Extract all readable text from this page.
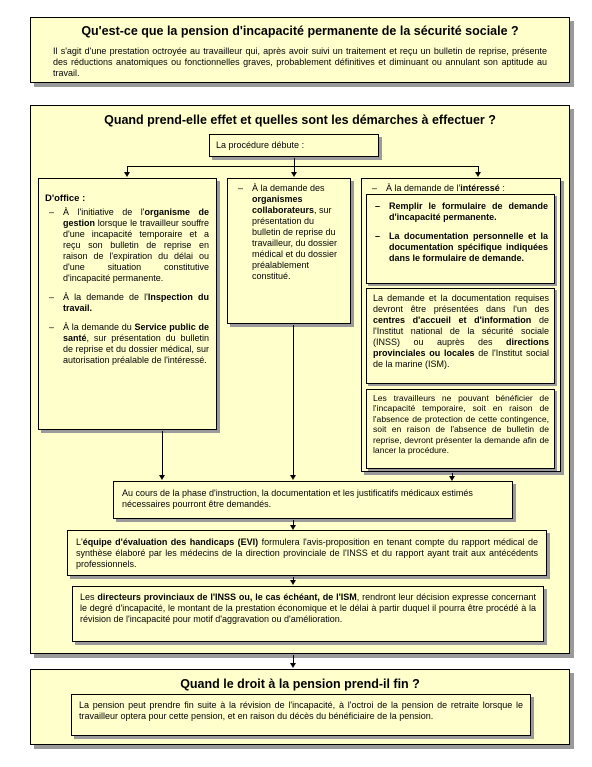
Qu'est-ce que la pension d'incapacité permanente de la sécurité sociale ?
Il s'agit d'une prestation octroyée au travailleur qui, après avoir suivi un traitement et reçu un bulletin de reprise, présente des réductions anatomiques ou fonctionnelles graves, probablement définitives et diminuant ou annulant son aptitude au travail.
Quand prend-elle effet et quelles sont les démarches à effectuer ?
La procédure débute :
D'office :
– À l'initiative de l'organisme de gestion lorsque le travailleur souffre d'une incapacité temporaire et a reçu son bulletin de reprise en raison de l'expiration du délai ou d'une situation constitutive d'incapacité permanente.
– À la demande de l'Inspection du travail.
– À la demande du Service public de santé, sur présentation du bulletin de reprise et du dossier médical, sur autorisation préalable de l'intéressé.
– À la demande des organismes collaborateurs, sur présentation du bulletin de reprise du travailleur, du dossier médical et du dossier préalablement constitué.
– À la demande de l'intéressé :
– Remplir le formulaire de demande d'incapacité permanente.
– La documentation personnelle et la documentation spécifique indiquées dans le formulaire de demande.
La demande et la documentation requises devront être présentées dans l'un des centres d'accueil et d'information de l'Institut national de la sécurité sociale (INSS) ou auprès des directions provinciales ou locales de l'Institut social de la marine (ISM).
Les travailleurs ne pouvant bénéficier de l'incapacité temporaire, soit en raison de l'absence de protection de cette contingence, soit en raison de l'absence de bulletin de reprise, devront présenter la demande afin de lancer la procédure.
Au cours de la phase d'instruction, la documentation et les justificatifs médicaux estimés nécessaires pourront être demandés.
L'équipe d'évaluation des handicaps (EVI) formulera l'avis-proposition en tenant compte du rapport médical de synthèse élaboré par les médecins de la direction provinciale de l'INSS et du rapport ayant trait aux antécédents professionnels.
Les directeurs provinciaux de l'INSS ou, le cas échéant, de l'ISM, rendront leur décision expresse concernant le degré d'incapacité, le montant de la prestation économique et le délai à partir duquel il pourra être procédé à la révision de l'incapacité pour motif d'aggravation ou d'amélioration.
Quand le droit à la pension prend-il fin ?
La pension peut prendre fin suite à la révision de l'incapacité, à l'octroi de la pension de retraite lorsque le travailleur optera pour cette pension, et en raison du décès du bénéficiaire de la pension.
